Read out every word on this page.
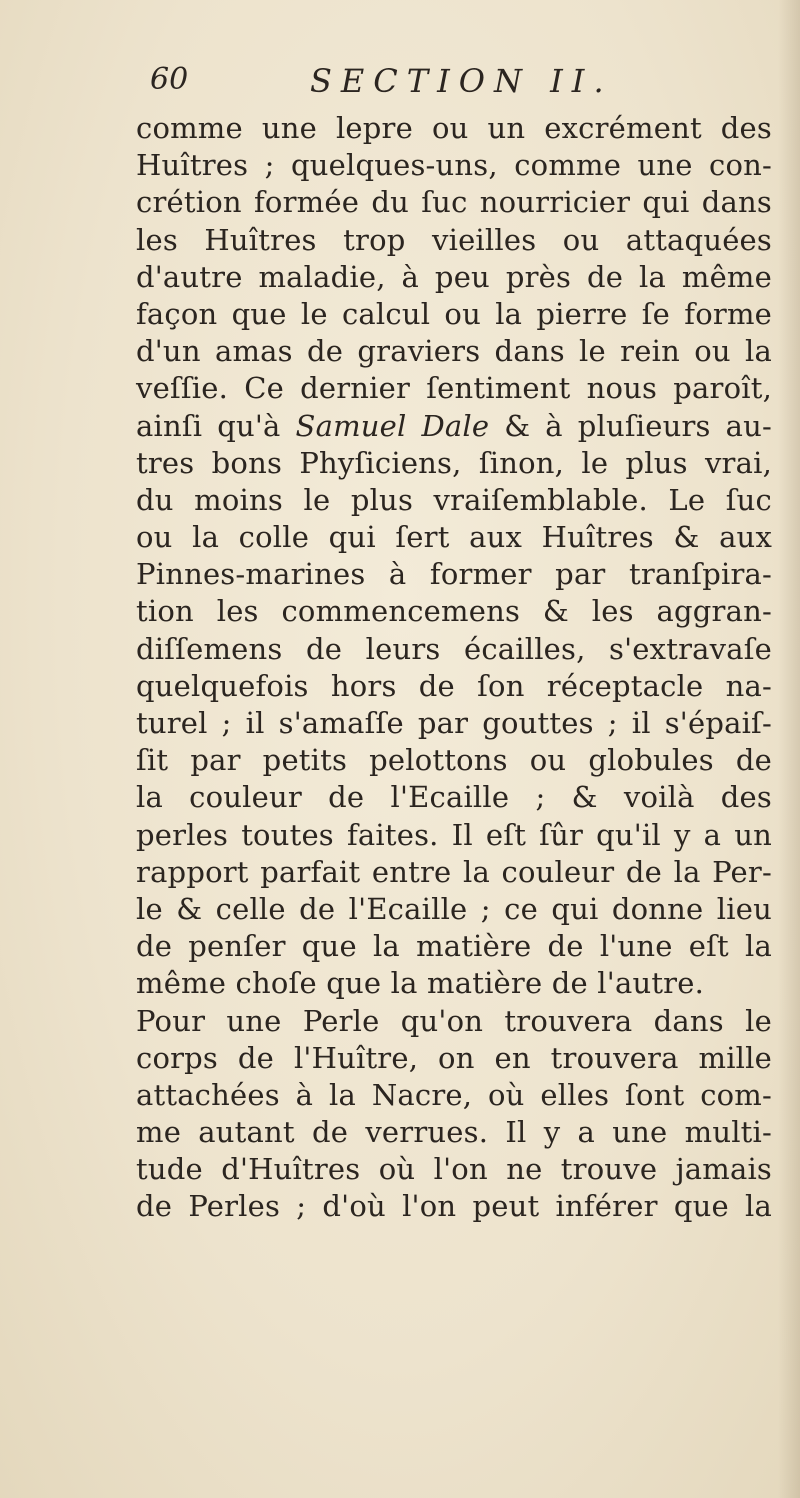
60	SECTION II.
comme une lepre ou un excrément des
Huîtres ; quelques-uns, comme une con-
crétion formée du ſuc nourricier qui dans
les Huîtres trop vieilles ou attaquées
d'autre maladie, à peu près de la même
façon que le calcul ou la pierre ſe forme
d'un amas de graviers dans le rein ou la
veſſie. Ce dernier ſentiment nous paroît,
ainſi qu'à Samuel Dale & à pluſieurs au-
tres bons Phyſiciens, ſinon, le plus vrai,
du moins le plus vraiſemblable. Le ſuc
ou la colle qui ſert aux Huîtres & aux
Pinnes-marines à former par tranſpira-
tion les commencemens & les aggran-
diſſemens de leurs écailles, s'extravaſe
quelquefois hors de ſon réceptacle na-
turel ; il s'amaſſe par gouttes ; il s'épaiſ-
ſit par petits pelottons ou globules de
la couleur de l'Ecaille ; & voilà des
perles toutes faites. Il eſt ſûr qu'il y a un
rapport parfait entre la couleur de la Per-
le & celle de l'Ecaille ; ce qui donne lieu
de penſer que la matière de l'une eſt la
même choſe que la matière de l'autre.
Pour une Perle qu'on trouvera dans le
corps de l'Huître, on en trouvera mille
attachées à la Nacre, où elles ſont com-
me autant de verrues. Il y a une multi-
tude d'Huîtres où l'on ne trouve jamais
de Perles ; d'où l'on peut inférer que la
